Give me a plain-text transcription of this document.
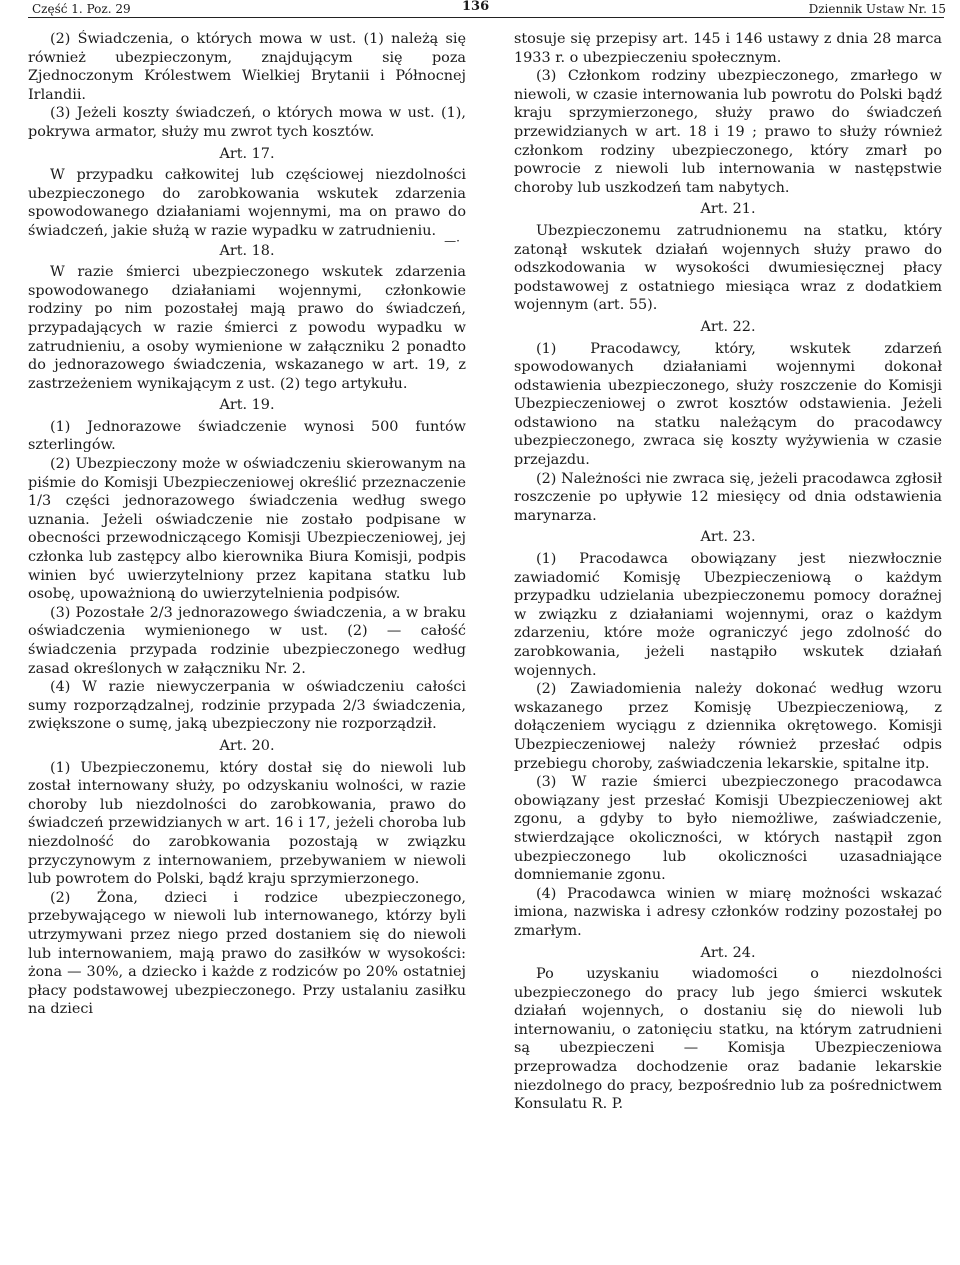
Część 1. Poz. 29	136	Dziennik Ustaw Nr. 15

(2) Świadczenia, o których mowa w ust. (1) należą się również ubezpieczonym, znajdującym się poza Zjednoczonym Królestwem Wielkiej Brytanii i Północnej Irlandii.

(3) Jeżeli koszty świadczeń, o których mowa w ust. (1), pokrywa armator, służy mu zwrot tych kosztów.

Art. 17.

W przypadku całkowitej lub częściowej niezdolności ubezpieczonego do zarobkowania wskutek zdarzenia spowodowanego działaniami wojennymi, ma on prawo do świadczeń, jakie służą w razie wypadku w zatrudnieniu.

—·
Art. 18.

W razie śmierci ubezpieczonego wskutek zdarzenia spowodowanego działaniami wojennymi, członkowie rodziny po nim pozostałej mają prawo do świadczeń, przypadających w razie śmierci z powodu wypadku w zatrudnieniu, a osoby wymienione w załączniku 2 ponadto do jednorazowego świadczenia, wskazanego w art. 19, z zastrzeżeniem wynikającym z ust. (2) tego artykułu.

Art. 19.

(1) Jednorazowe świadczenie wynosi 500 funtów szterlingów.

(2) Ubezpieczony może w oświadczeniu skierowanym na piśmie do Komisji Ubezpieczeniowej określić przeznaczenie 1/3 części jednorazowego świadczenia według swego uznania. Jeżeli oświadczenie nie zostało podpisane w obecności przewodniczącego Komisji Ubezpieczeniowej, jej członka lub zastępcy albo kierownika Biura Komisji, podpis winien być uwierzytelniony przez kapitana statku lub osobę, upoważnioną do uwierzytelnienia podpisów.

(3) Pozostałe 2/3 jednorazowego świadczenia, a w braku oświadczenia wymienionego w ust. (2) — całość świadczenia przypada rodzinie ubezpieczonego według zasad określonych w załączniku Nr. 2.

(4) W razie niewyczerpania w oświadczeniu całości sumy rozporządzalnej, rodzinie przypada 2/3 świadczenia, zwiększone o sumę, jaką ubezpieczony nie rozporządził.

Art. 20.

(1) Ubezpieczonemu, który dostał się do niewoli lub został internowany służy, po odzyskaniu wolności, w razie choroby lub niezdolności do zarobkowania, prawo do świadczeń przewidzianych w art. 16 i 17, jeżeli choroba lub niezdolność do zarobkowania pozostają w związku przyczynowym z internowaniem, przebywaniem w niewoli lub powrotem do Polski, bądź kraju sprzymierzonego.

(2) Żona, dzieci i rodzice ubezpieczonego, przebywającego w niewoli lub internowanego, którzy byli utrzymywani przez niego przed dostaniem się do niewoli lub internowaniem, mają prawo do zasiłków w wysokości: żona — 30%, a dziecko i każde z rodziców po 20% ostatniej płacy podstawowej ubezpieczonego. Przy ustalaniu zasiłku na dzieci

stosuje się przepisy art. 145 i 146 ustawy z dnia 28 marca 1933 r. o ubezpieczeniu społecznym.

(3) Członkom rodziny ubezpieczonego, zmarłego w niewoli, w czasie internowania lub powrotu do Polski bądź kraju sprzymierzonego, służy prawo do świadczeń przewidzianych w art. 18 i 19 ; prawo to służy również członkom rodziny ubezpieczonego, który zmarł po powrocie z niewoli lub internowania w następstwie choroby lub uszkodzeń tam nabytych.

Art. 21.

Ubezpieczonemu zatrudnionemu na statku, który zatonął wskutek działań wojennych służy prawo do odszkodowania w wysokości dwumiesięcznej płacy podstawowej z ostatniego miesiąca wraz z dodatkiem wojennym (art. 55).

Art. 22.

(1) Pracodawcy, który, wskutek zdarzeń spowodowanych działaniami wojennymi dokonał odstawienia ubezpieczonego, służy roszczenie do Komisji Ubezpieczeniowej o zwrot kosztów odstawienia. Jeżeli odstawiono na statku należącym do pracodawcy ubezpieczonego, zwraca się koszty wyżywienia w czasie przejazdu.

(2) Należności nie zwraca się, jeżeli pracodawca zgłosił roszczenie po upływie 12 miesięcy od dnia odstawienia marynarza.

Art. 23.

(1) Pracodawca obowiązany jest niezwłocznie zawiadomić Komisję Ubezpieczeniową o każdym przypadku udzielania ubezpieczonemu pomocy doraźnej w związku z działaniami wojennymi, oraz o każdym zdarzeniu, które może ograniczyć jego zdolność do zarobkowania, jeżeli nastąpiło wskutek działań wojennych.

(2) Zawiadomienia należy dokonać według wzoru wskazanego przez Komisję Ubezpieczeniową, z dołączeniem wyciągu z dziennika okrętowego. Komisji Ubezpieczeniowej należy również przesłać odpis przebiegu choroby, zaświadczenia lekarskie, spitalne itp.

(3) W razie śmierci ubezpieczonego pracodawca obowiązany jest przesłać Komisji Ubezpieczeniowej akt zgonu, a gdyby to było niemożliwe, zaświadczenie, stwierdzające okoliczności, w których nastąpił zgon ubezpieczonego lub okoliczności uzasadniające domniemanie zgonu.

(4) Pracodawca winien w miarę możności wskazać imiona, nazwiska i adresy członków rodziny pozostałej po zmarłym.

Art. 24.

Po uzyskaniu wiadomości o niezdolności ubezpieczonego do pracy lub jego śmierci wskutek działań wojennych, o dostaniu się do niewoli lub internowaniu, o zatonięciu statku, na którym zatrudnieni są ubezpieczeni — Komisja Ubezpieczeniowa przeprowadza dochodzenie oraz badanie lekarskie niezdolnego do pracy, bezpośrednio lub za pośrednictwem Konsulatu R. P.
